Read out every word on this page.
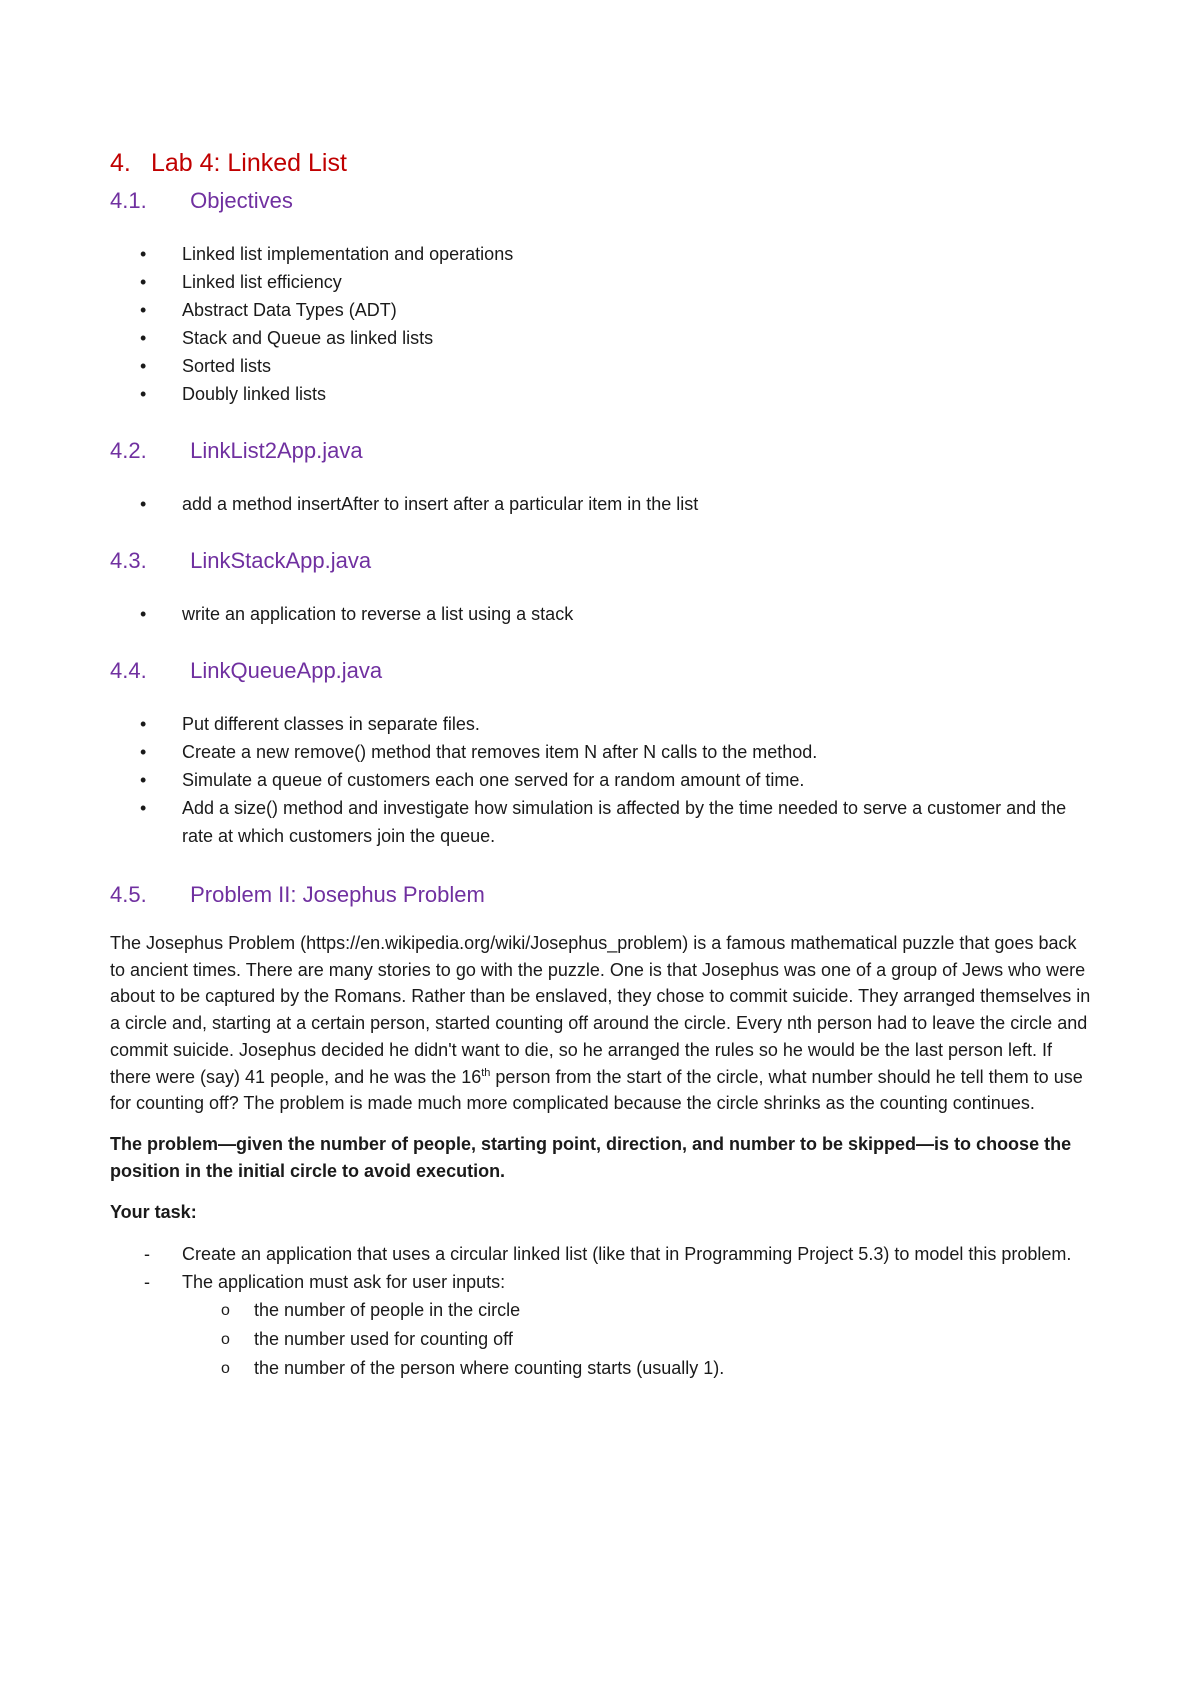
4. Lab 4: Linked List
4.1. Objectives
• Linked list implementation and operations
• Linked list efficiency
• Abstract Data Types (ADT)
• Stack and Queue as linked lists
• Sorted lists
• Doubly linked lists
4.2. LinkList2App.java
• add a method insertAfter to insert after a particular item in the list
4.3. LinkStackApp.java
• write an application to reverse a list using a stack
4.4. LinkQueueApp.java
• Put different classes in separate files.
• Create a new remove() method that removes item N after N calls to the method.
• Simulate a queue of customers each one served for a random amount of time.
• Add a size() method and investigate how simulation is affected by the time needed to serve a customer and the rate at which customers join the queue.
4.5. Problem II: Josephus Problem

The Josephus Problem (https://en.wikipedia.org/wiki/Josephus_problem) is a famous mathematical puzzle that goes back to ancient times. There are many stories to go with the puzzle. One is that Josephus was one of a group of Jews who were about to be captured by the Romans. Rather than be enslaved, they chose to commit suicide. They arranged themselves in a circle and, starting at a certain person, started counting off around the circle. Every nth person had to leave the circle and commit suicide. Josephus decided he didn't want to die, so he arranged the rules so he would be the last person left. If there were (say) 41 people, and he was the 16th person from the start of the circle, what number should he tell them to use for counting off? The problem is made much more complicated because the circle shrinks as the counting continues.

The problem—given the number of people, starting point, direction, and number to be skipped—is to choose the position in the initial circle to avoid execution.

Your task:

- Create an application that uses a circular linked list (like that in Programming Project 5.3) to model this problem.
- The application must ask for user inputs:
o the number of people in the circle
o the number used for counting off
o the number of the person where counting starts (usually 1).
